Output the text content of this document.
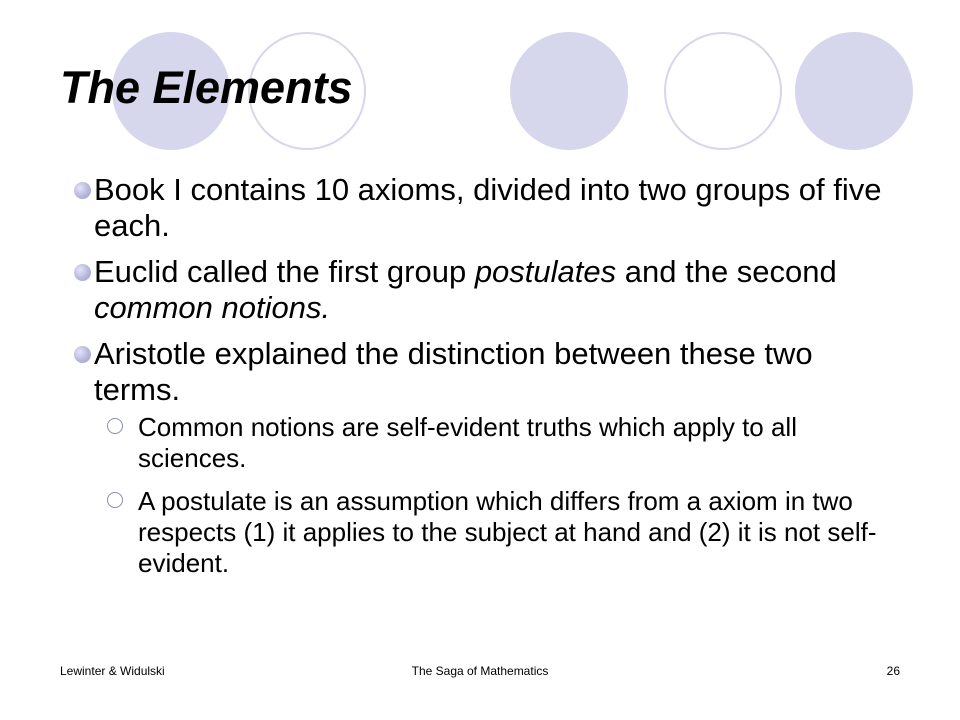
The Elements
Book I contains 10 axioms, divided into two groups of five each.
Euclid called the first group postulates and the second common notions.
Aristotle explained the distinction between these two terms.
Common notions are self-evident truths which apply to all sciences.
A postulate is an assumption which differs from a axiom in two respects (1) it applies to the subject at hand and (2) it is not self-evident.
Lewinter & Widulski	The Saga of Mathematics	26
